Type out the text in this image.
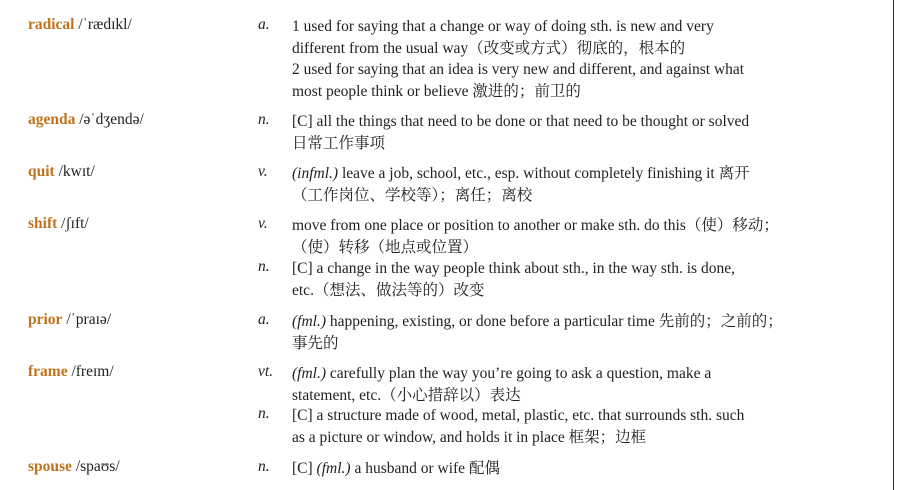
radical /ˈrædɪkl/	a. 1 used for saying that a change or way of doing sth. is new and very
different from the usual way（改变或方式）彻底的，根本的
2 used for saying that an idea is very new and different, and against what
most people think or believe 激进的；前卫的
agenda /əˈdʒendə/	n. [C] all the things that need to be done or that need to be thought or solved
日常工作事项
quit /kwɪt/	v. (infml.) leave a job, school, etc., esp. without completely finishing it 离开
（工作岗位、学校等）；离任；离校
shift /ʃɪft/	v. move from one place or position to another or make sth. do this（使）移动；
（使）转移（地点或位置）
n. [C] a change in the way people think about sth., in the way sth. is done,
etc.（想法、做法等的）改变
prior /ˈpraɪə/	a. (fml.) happening, existing, or done before a particular time 先前的；之前的；
事先的
frame /freɪm/	vt. (fml.) carefully plan the way you’re going to ask a question, make a
statement, etc.（小心措辞以）表达
n. [C] a structure made of wood, metal, plastic, etc. that surrounds sth. such
as a picture or window, and holds it in place 框架；边框
spouse /spaʊs/	n. [C] (fml.) a husband or wife 配偶
